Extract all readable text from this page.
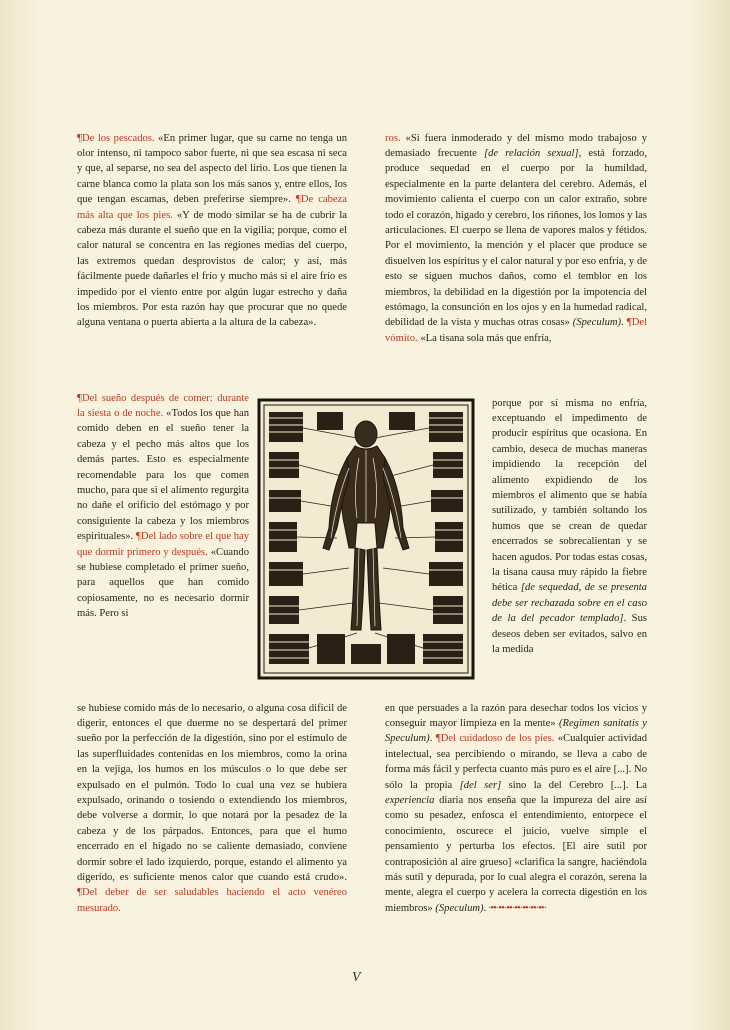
¶De los pescados. «En primer lugar, que su carne no tenga un olor intenso, ni tampoco sabor fuerte, ni que sea escasa ni seca y que, al separse, no sea del aspecto del lirio. Los que tienen la carne blanca como la plata son los más sanos y, entre ellos, los que tengan escamas, deben preferirse siempre». ¶De cabeza más alta que los pies. «Y de modo similar se ha de cubrir la cabeza más durante el sueño que en la vigilia; porque, como el calor natural se concentra en las regiones medias del cuerpo, las extremos quedan desprovistos de calor; y así, más fácilmente puede dañarles el frío y mucho más si el aire frío es impedido por el viento entre por algún lugar estrecho y daña los miembros. Por esta razón hay que procurar que no quede alguna ventana o puerta abierta a la altura de la cabeza».

¶Del sueño después de comer: durante la siesta o de noche. «Todos los que han comido deben en el sueño tener la cabeza y el pecho más altos que los demás partes. Esto es especialmente recomendable para los que comen mucho, para que si el alimento regurgita no dañe el orificio del estómago y por consiguiente la cabeza y los miembros espirituales». ¶Del lado sobre el que hay que dormir primero y después. «Cuando se hubiese completado el primer sueño, para aquellos que han comido copiosamente, no es necesario dormir más. Pero si

se hubiese comido más de lo necesario, o alguna cosa difícil de digerir, entonces el que duerme no se despertará del primer sueño por la perfección de la digestión, sino por el estímulo de las superfluidades contenidas en los miembros, como la orina en la vejiga, los humos en los músculos o lo que debe ser expulsado en el pulmón. Todo lo cual una vez se hubiera expulsado, orinando o tosiendo o extendiendo los miembros, debe volverse a dormir, lo que notará por la pesadez de la cabeza y de los párpados. Entonces, para que el humo encerrado en el hígado no se caliente demasiado, conviene dormir sobre el lado izquierdo, porque, estando el alimento ya digerido, es suficiente menos calor que cuando está crudo». ¶Del deber de ser saludables haciendo el acto venéreo mesurado.

ros. «Si fuera inmoderado y del mismo modo trabajoso y demasiado frecuente [de relación sexual], está forzado, produce sequedad en el cuerpo por la humildad, especialmente en la parte delantera del cerebro. Además, el movimiento calienta el cuerpo con un calor extraño, sobre todo el corazón, hígado y cerebro, los riñones, los lomos y las articulaciones. El cuerpo se llena de vapores malos y fétidos. Por el movimiento, la mención y el placer que produce se disuelven los espíritus y el calor natural y por eso enfría, y de esto se siguen muchos daños, como el temblor en los miembros, la debilidad en la digestión por la impotencia del estómago, la consunción en los ojos y en la humedad radical, debilidad de la vista y muchas otras cosas» (Speculum). ¶Del vómito. «La tisana sola más que enfría,

porque por sí misma no enfría, exceptuando el impedimento de producir espíritus que ocasiona. En cambio, deseca de muchas maneras impidiendo la recepción del alimento expidiendo de los miembros el alimento que se había sutilizado, y también soltando los humos que se crean de quedar encerrados se sobrecalientan y se hacen agudos. Por todas estas cosas, la tisana causa muy rápido la fiebre hética [de sequedad, de se presenta debe ser rechazada sobre en el caso de la del pecador templado]. Sus deseos deben ser evitados, salvo en la medida

en que persuades a la razón para desechar todos los vicios y conseguir mayor limpieza en la mente» (Regimen sanitatis y Speculum). ¶Del cuidadoso de los pies. «Cualquier actividad intelectual, sea percibiendo o mirando, se lleva a cabo de forma más fácil y perfecta cuanto más puro es el aire [...]. No sólo la propia [del ser] sino la del Cerebro [...]. La experiencia diaria nos enseña que la impureza del aire así como su pesadez, enfosca el entendimiento, entorpece el conocimiento, oscurece el juicio, vuelve simple el pensamiento y perturba los efectos. [El aire sutil por contraposición al aire grueso] «clarifica la sangre, haciéndola más sutil y depurada, por lo cual alegra el corazón, serena la mente, alegra el cuerpo y acelera la correcta digestión en los miembros» (Speculum). ·••·••·••·••·••·••·••·

V
